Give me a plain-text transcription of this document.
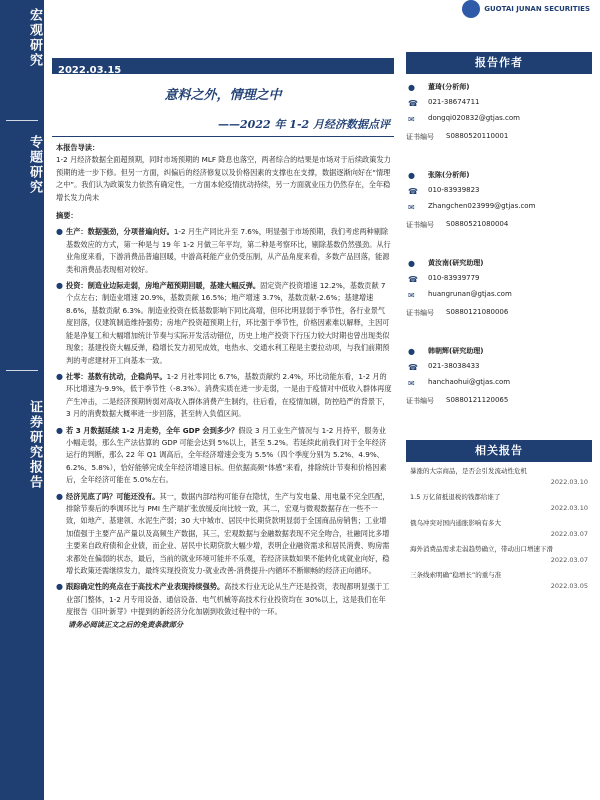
宏观研究
专题研究
证券研究报告
GUOTAI JUNAN SECURITIES
2022.03.15
意料之外，情理之中
——2022 年 1-2 月经济数据点评

本报告导读：

1-2 月经济数据全面超预期，同时市场预期的 MLF 降息也落空，两者综合的结果是市场对于后续政策发力预期的进一步下修。但另一方面，纠偏后的经济修复以及价格因素的支撑也在支撑，数据逐渐向好在“情理之中”。我们认为政策发力依然有确定性，一方面本轮疫情扰动持续，另一方面就业压力仍然存在，全年稳增长发力尚未

摘要：

● 生产：数据强劲，分项普遍向好。1-2 月生产同比升至 7.6%，明显强于市场预期，我们考虑两种剔除基数效应的方式，第一种是与 19 年 1-2 月做三年平均，第二种是考察环比，剔除基数仍然强劲。从行业角度来看，下游消费品普遍回暖，中游高耗能产业仍受压制，从产品角度来看，多数产品回落，能源类和消费品表现相对较好。
● 投资：制造业边际走弱，房地产超预期回暖，基建大幅反弹。固定资产投资增速 12.2%，基数贡献 7 个点左右；制造业增速 20.9%，基数贡献 16.5%；地产增速 3.7%，基数贡献-2.6%；基建增速 8.6%，基数贡献 6.3%。制造业投资在低基数影响下同比高增，但环比明显弱于季节性，各行业景气度回落，仅建筑制造维持强势；房地产投资超预期上行，环比强于季节性，价格因素难以解释，主因可能是净复工和大幅增加统计节奏与实际开发活动错位，历史上地产投资下行压力较大时期也曾出现类似现象；基建投资大幅反弹，稳增长发力初见成效，电热水、交通水利工程是主要拉动项，与我们前期预判的考虑建材开工向基本一致。
● 社零：基数有扰动，企稳尚早。1-2 月社零同比 6.7%，基数贡献约 2.4%，环比动能东看，1-2 月的环比增速为-9.9%，低于季节性（-8.3%）。消费实质在进一步走弱，一是由于疫情对中低收入群体再度产生冲击，二是经济预期转弱对高收入群体消费产生制约，往后看，在疫情加剧，防控趋严的背景下，3 月的消费数据大概率进一步回落，甚至转入负值区间。
● 若 3 月数据延续 1-2 月走势，全年 GDP 会到多少？假设 3 月工业生产情况与 1-2 月持平，服务业小幅走弱，那么生产法估算的 GDP 可能会达到 5%以上，甚至 5.2%。若延续此前我们对于全年经济运行的判断，那么 22 年 Q1 调高后，全年经济增速会变为 5.5%（四个季度分别为 5.2%、4.9%、6.2%、5.8%），恰好能够完成全年经济增速目标。但依据高频“体感”来看，排除统计节奏和价格因素后，全年经济可能在 5.0%左右。
● 经济见底了吗？可能还没有。其一，数据内部结构可能存在隐忧，生产与发电量、用电量不完全匹配，排除节奏后的季调环比与 PMI 生产端扩张放缓反向比较一致，其二，宏观与微观数据存在一些不一致，如地产、基建领、水泥生产弱；30 大中城市、居民中长期贷款明显弱于全国商品房销售；工业增加值强于主要产品产量以及高频生产数据，其三，宏观数据与金融数据表现不完全吻合，社融同比多增主要来自政府债和企业债，而企业、居民中长期贷款大幅少增，表明企业融资需求和居民消费、购房需求都处在偏弱的状态，最后，当前的就业环境可能并不乐观，若经济读数如果不能转化成就业向好，稳增长政策还需继续发力，最终实现投资发力-就业改善-消费提升-内循环不断顺畅的经济正向循环。
● 跟踪确定性的亮点在于高技术产业表现持续强势。高技术行业无论从生产还是投资，表现都明显强于工业部门整体，1-2 月专用设备、通信设备、电气机械等高技术行业投资均在 30%以上，这是我们在年度报告《旧叶新芽》中提到的新经济分化加剧到收敛过程中的一环。

请务必阅读正文之后的免责条款部分

报告作者
●	董琦(分析师)
☎ 021-38674711
✉	dongqi020832@gtjas.com
证书编号 S0880520110001
●	张陈(分析师)
☎ 010-83939823
✉	Zhangchen023999@gtjas.com
证书编号 S0880521080004
●	黄汝南(研究助理)
☎ 010-83939779
✉	huangrunan@gtjas.com
证书编号 S0880121080006
●	韩朝辉(研究助理)
☎ 021-38038433
✉	hanchaohui@gtjas.com
证书编号 S0880121120065
相关报告
暴涨的大宗商品，是否会引发流动性危机
2022.03.10
1.5 万亿留抵退税的钱都给谁了
2022.03.10
俄乌冲突对国内通胀影响有多大
2022.03.07
海外消费品需求走弱趋势确立，带动出口增速下滑
2022.03.07
三条线索明确“稳增长”的重与准
2022.03.05
